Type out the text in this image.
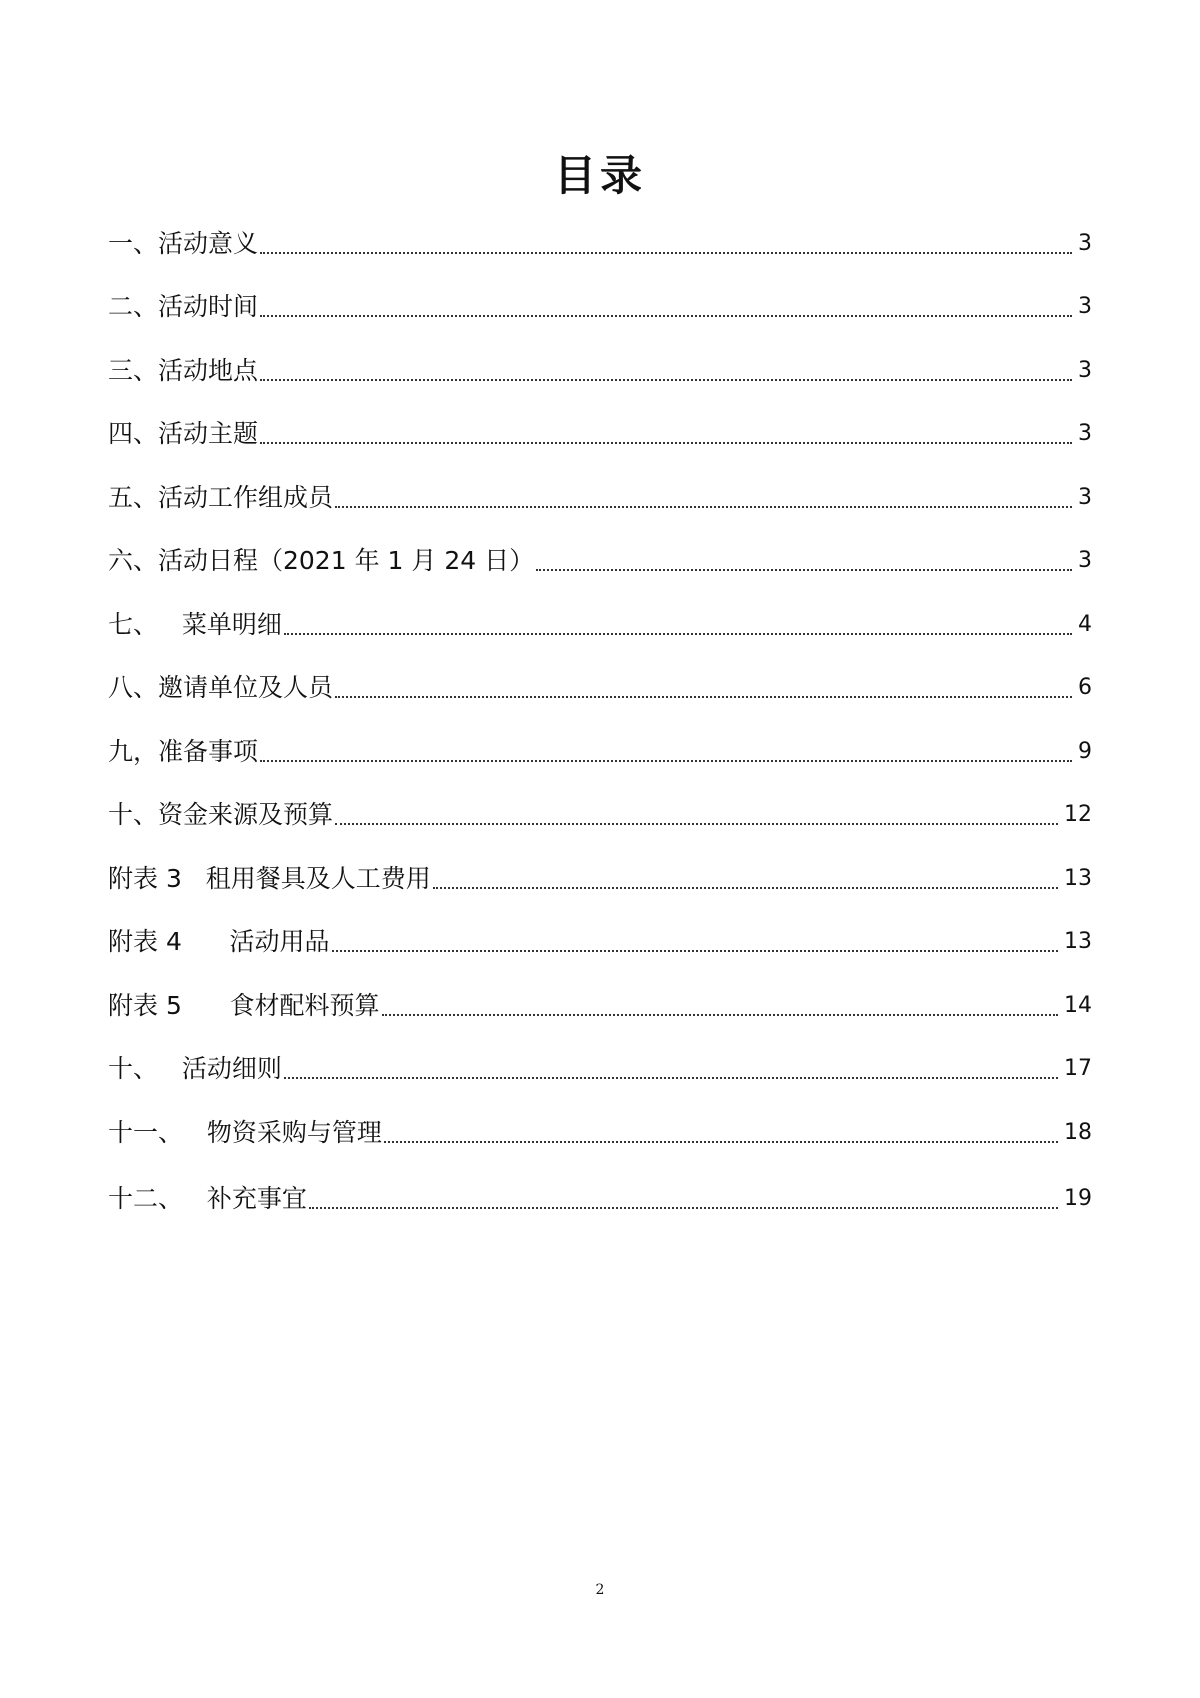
目录
一、活动意义	3
二、活动时间	3
三、活动地点	3
四、活动主题	3
五、活动工作组成员	3
六、活动日程（2021 年 1 月 24 日）	3
七、   菜单明细	4
八、邀请单位及人员	6
九，准备事项	9
十、资金来源及预算	12
附表 3   租用餐具及人工费用	13
附表 4      活动用品	13
附表 5      食材配料预算	14
十、   活动细则	17
十一、   物资采购与管理	18
十二、   补充事宜	19
2
